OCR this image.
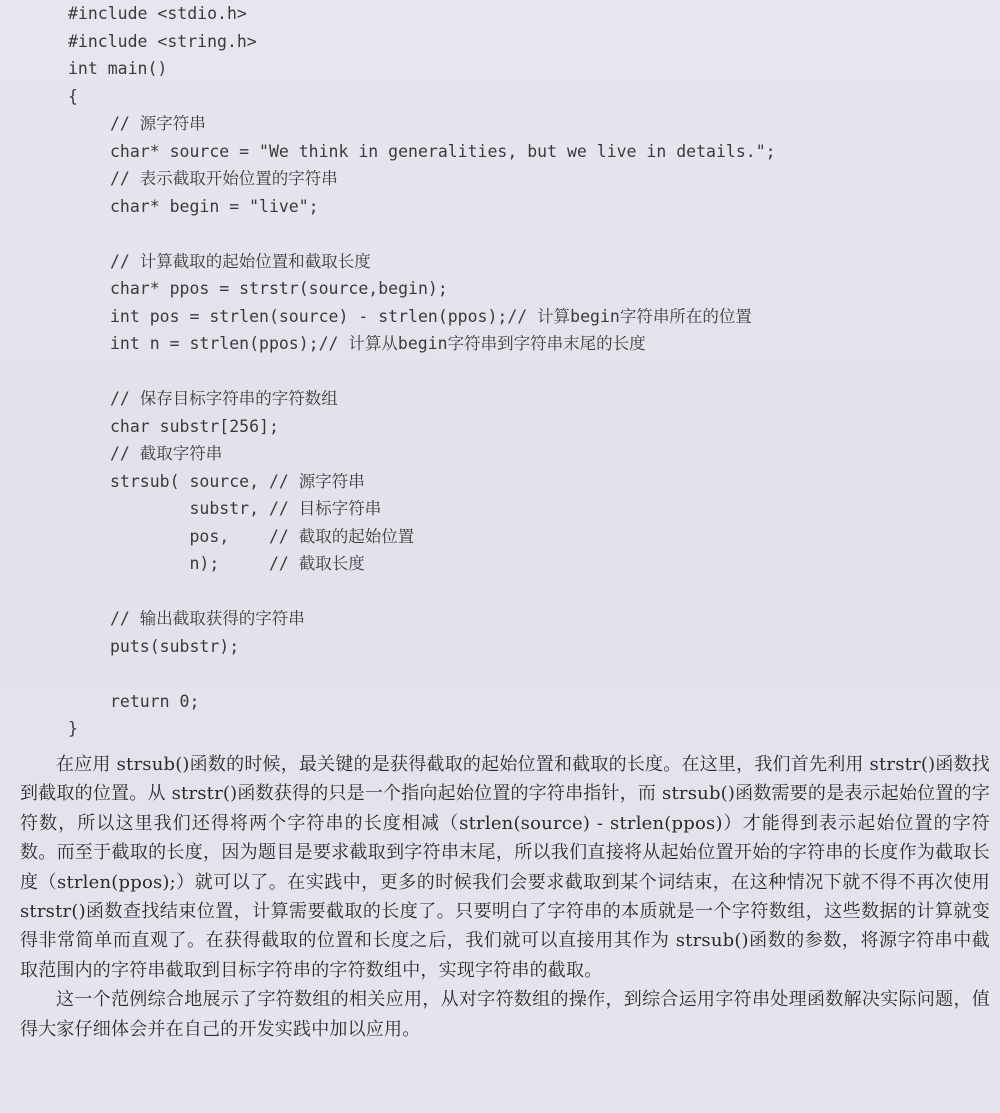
#include <stdio.h>
#include <string.h>
int main()
{
// 源字符串
char* source = "We think in generalities, but we live in details.";
// 表示截取开始位置的字符串
char* begin = "live";
// 计算截取的起始位置和截取长度
char* ppos = strstr(source,begin);
int pos = strlen(source) - strlen(ppos);// 计算begin字符串所在的位置
int n = strlen(ppos);// 计算从begin字符串到字符串末尾的长度
// 保存目标字符串的字符数组
char substr[256];
// 截取字符串
strsub( source, // 源字符串
substr, // 目标字符串
pos,    // 截取的起始位置
n);     // 截取长度
// 输出截取获得的字符串
puts(substr);
return 0;
}

在应用 strsub()函数的时候，最关键的是获得截取的起始位置和截取的长度。在这里，我们首先利用 strstr()函数找到截取的位置。从 strstr()函数获得的只是一个指向起始位置的字符串指针，而 strsub()函数需要的是表示起始位置的字符数，所以这里我们还得将两个字符串的长度相减（strlen(source) - strlen(ppos)）才能得到表示起始位置的字符数。而至于截取的长度，因为题目是要求截取到字符串末尾，所以我们直接将从起始位置开始的字符串的长度作为截取长度（strlen(ppos);）就可以了。在实践中，更多的时候我们会要求截取到某个词结束，在这种情况下就不得不再次使用 strstr()函数查找结束位置，计算需要截取的长度了。只要明白了字符串的本质就是一个字符数组，这些数据的计算就变得非常简单而直观了。在获得截取的位置和长度之后，我们就可以直接用其作为 strsub()函数的参数，将源字符串中截取范围内的字符串截取到目标字符串的字符数组中，实现字符串的截取。

这一个范例综合地展示了字符数组的相关应用，从对字符数组的操作，到综合运用字符串处理函数解决实际问题，值得大家仔细体会并在自己的开发实践中加以应用。
